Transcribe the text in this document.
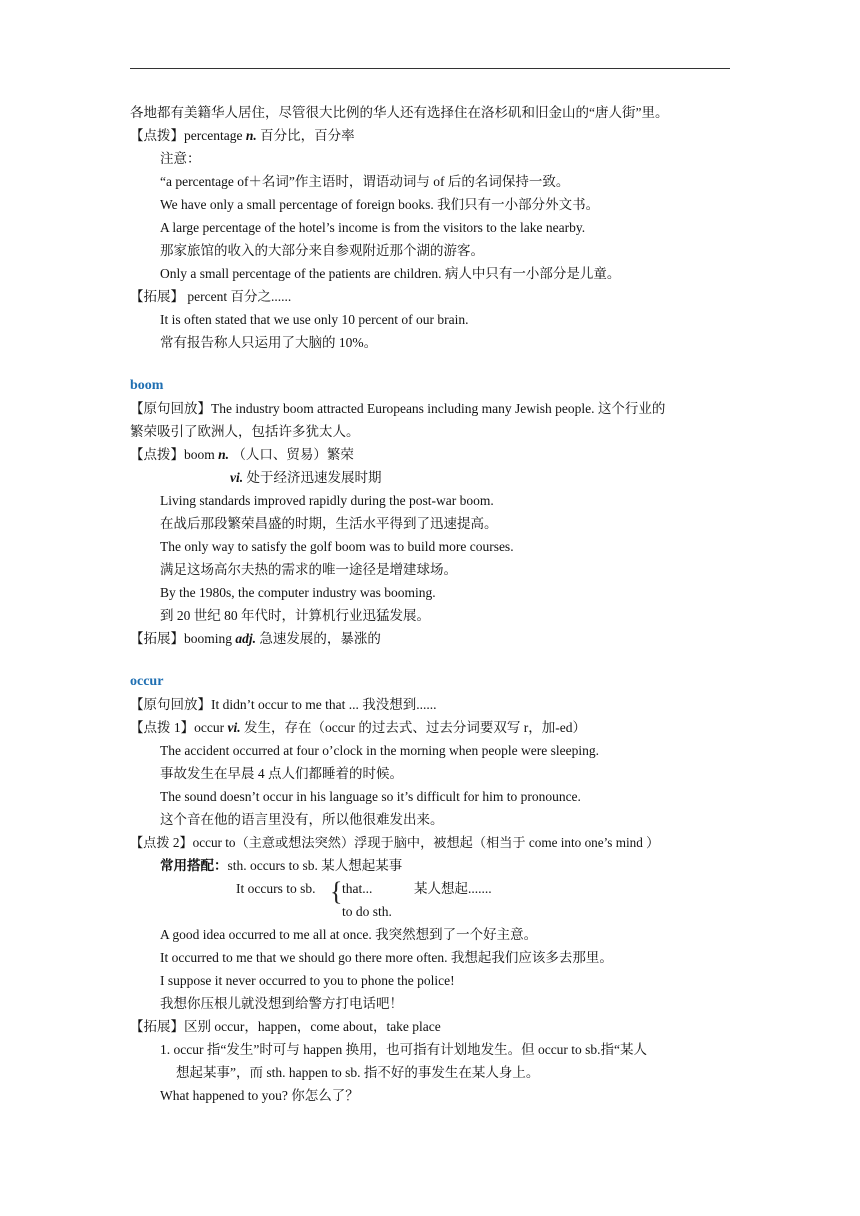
各地都有美籍华人居住，尽管很大比例的华人还有选择住在洛杉矶和旧金山的“唐人街”里。
【点拨】percentage n. 百分比，百分率
注意：
“a percentage of＋名词”作主语时，谓语动词与 of 后的名词保持一致。
We have only a small percentage of foreign books. 我们只有一小部分外文书。
A large percentage of the hotel’s income is from the visitors to the lake nearby.
那家旅馆的收入的大部分来自参观附近那个湖的游客。
Only a small percentage of the patients are children. 病人中只有一小部分是儿童。
【拓展】 percent 百分之......
It is often stated that we use only 10 percent of our brain.
常有报告称人只运用了大脑的 10%。
boom
【原句回放】The industry boom attracted Europeans including many Jewish people. 这个行业的
繁荣吸引了欧洲人，包括许多犹太人。
【点拨】boom n. （人口、贸易）繁荣
vi. 处于经济迅速发展时期
Living standards improved rapidly during the post-war boom.
在战后那段繁荣昌盛的时期，生活水平得到了迅速提高。
The only way to satisfy the golf boom was to build more courses.
满足这场高尔夫热的需求的唯一途径是增建球场。
By the 1980s, the computer industry was booming.
到 20 世纪 80 年代时，计算机行业迅猛发展。
【拓展】booming adj. 急速发展的，暴涨的
occur
【原句回放】It didn’t occur to me that ... 我没想到......
【点拨 1】occur vi. 发生，存在（occur 的过去式、过去分词要双写 r，加-ed）
The accident occurred at four o’clock in the morning when people were sleeping.
事故发生在早晨 4 点人们都睡着的时候。
The sound doesn’t occur in his language so it’s difficult for him to pronounce.
这个音在他的语言里没有，所以他很难发出来。
【点拨 2】occur to（主意或想法突然）浮现于脑中，被想起（相当于 come into one’s mind ）
常用搭配：sth. occurs to sb. 某人想起某事
It occurs to sb. { that...	某人想起.......
to do sth.
A good idea occurred to me all at once. 我突然想到了一个好主意。
It occurred to me that we should go there more often. 我想起我们应该多去那里。
I suppose it never occurred to you to phone the police!
我想你压根儿就没想到给警方打电话吧！
【拓展】区别 occur，happen，come about，take place
1. occur 指“发生”时可与 happen 换用，也可指有计划地发生。但 occur to sb.指“某人
想起某事”，而 sth. happen to sb. 指不好的事发生在某人身上。
What happened to you? 你怎么了？
